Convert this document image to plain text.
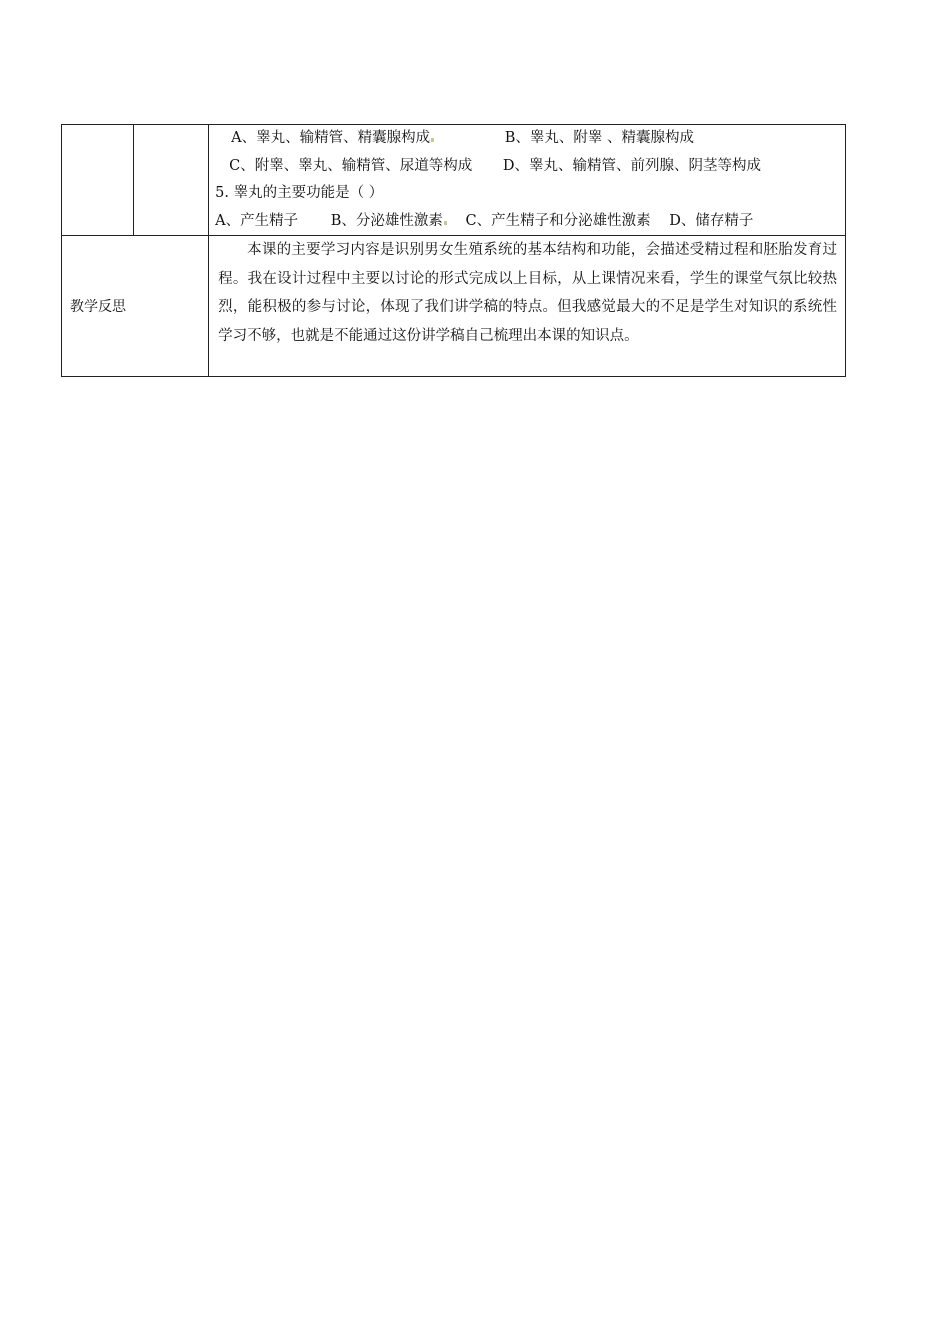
		A、睾丸、输精管、精囊腺构成 B、睾丸、附睾 、精囊腺构成
C、附睾、睾丸、输精管、尿道等构成 D、睾丸、输精管、前列腺、阴茎等构成
5. 睾丸的主要功能是（ ）
A、产生精子 B、分泌雄性激素 C、产生精子和分泌雄性激素 D、储存精子

教学反思		本课的主要学习内容是识别男女生殖系统的基本结构和功能，会描述受精过程和胚胎发育过程。我在设计过程中主要以讨论的形式完成以上目标，从上课情况来看，学生的课堂气氛比较热烈，能积极的参与讨论，体现了我们讲学稿的特点。但我感觉最大的不足是学生对知识的系统性学习不够，也就是不能通过这份讲学稿自己梳理出本课的知识点。
